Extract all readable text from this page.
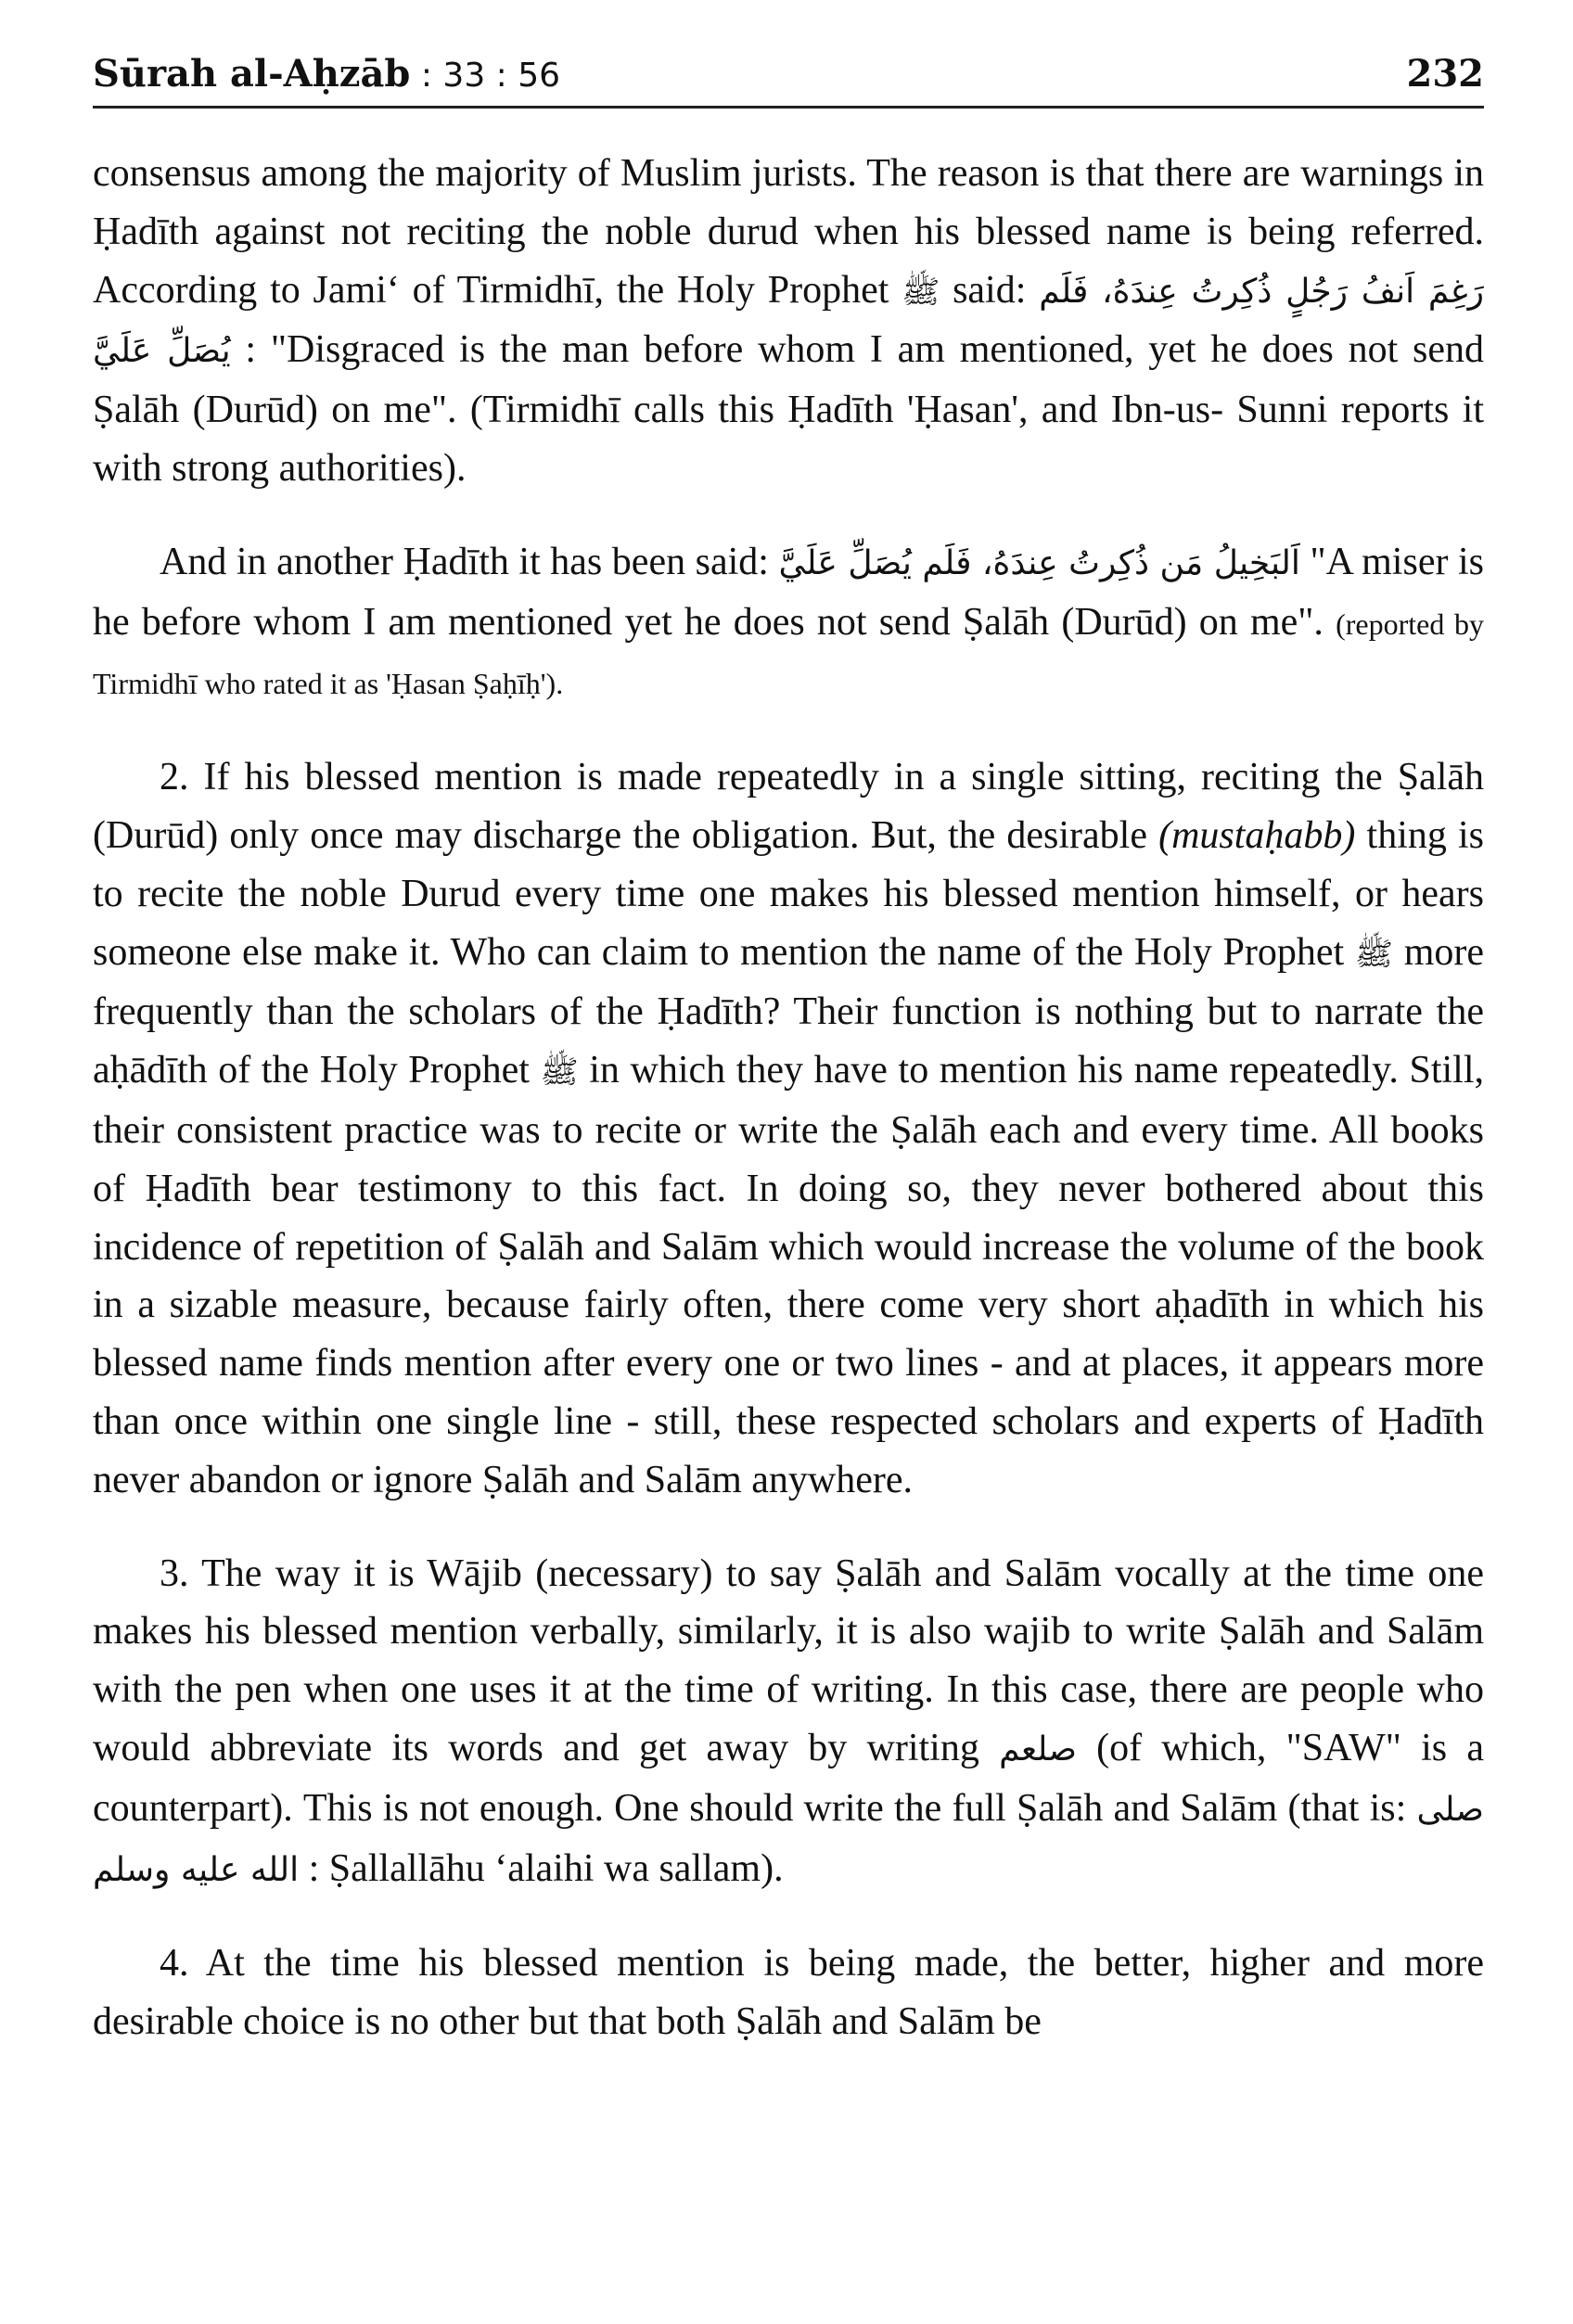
Sūrah al-Aḥzāb : 33 : 56	232

consensus among the majority of Muslim jurists. The reason is that there are warnings in Ḥadīth against not reciting the noble durud when his blessed name is being referred. According to Jami‘ of Tirmidhī, the Holy Prophet ﷺ said: رَغِمَ اَنفُ رَجُلٍ ذُكِرتُ عِندَهُ، فَلَم يُصَلِّ عَلَيَّ : "Disgraced is the man before whom I am mentioned, yet he does not send Ṣalāh (Durūd) on me". (Tirmidhī calls this Ḥadīth 'Ḥasan', and Ibn-us- Sunni reports it with strong authorities).

And in another Ḥadīth it has been said: اَلبَخِيلُ مَن ذُكِرتُ عِندَهُ، فَلَم يُصَلِّ عَلَيَّ "A miser is he before whom I am mentioned yet he does not send Ṣalāh (Durūd) on me". (reported by Tirmidhī who rated it as 'Ḥasan Ṣaḥīḥ').

2. If his blessed mention is made repeatedly in a single sitting, reciting the Ṣalāh (Durūd) only once may discharge the obligation. But, the desirable (mustaḥabb) thing is to recite the noble Durud every time one makes his blessed mention himself, or hears someone else make it. Who can claim to mention the name of the Holy Prophet ﷺ more frequently than the scholars of the Ḥadīth? Their function is nothing but to narrate the aḥādīth of the Holy Prophet ﷺ in which they have to mention his name repeatedly. Still, their consistent practice was to recite or write the Ṣalāh each and every time. All books of Ḥadīth bear testimony to this fact. In doing so, they never bothered about this incidence of repetition of Ṣalāh and Salām which would increase the volume of the book in a sizable measure, because fairly often, there come very short aḥadīth in which his blessed name finds mention after every one or two lines - and at places, it appears more than once within one single line - still, these respected scholars and experts of Ḥadīth never abandon or ignore Ṣalāh and Salām anywhere.

3. The way it is Wājib (necessary) to say Ṣalāh and Salām vocally at the time one makes his blessed mention verbally, similarly, it is also wajib to write Ṣalāh and Salām with the pen when one uses it at the time of writing. In this case, there are people who would abbreviate its words and get away by writing صلعم (of which, "SAW" is a counterpart). This is not enough. One should write the full Ṣalāh and Salām (that is: صلى الله عليه وسلم : Ṣallallāhu ‘alaihi wa sallam).

4. At the time his blessed mention is being made, the better, higher and more desirable choice is no other but that both Ṣalāh and Salām be
